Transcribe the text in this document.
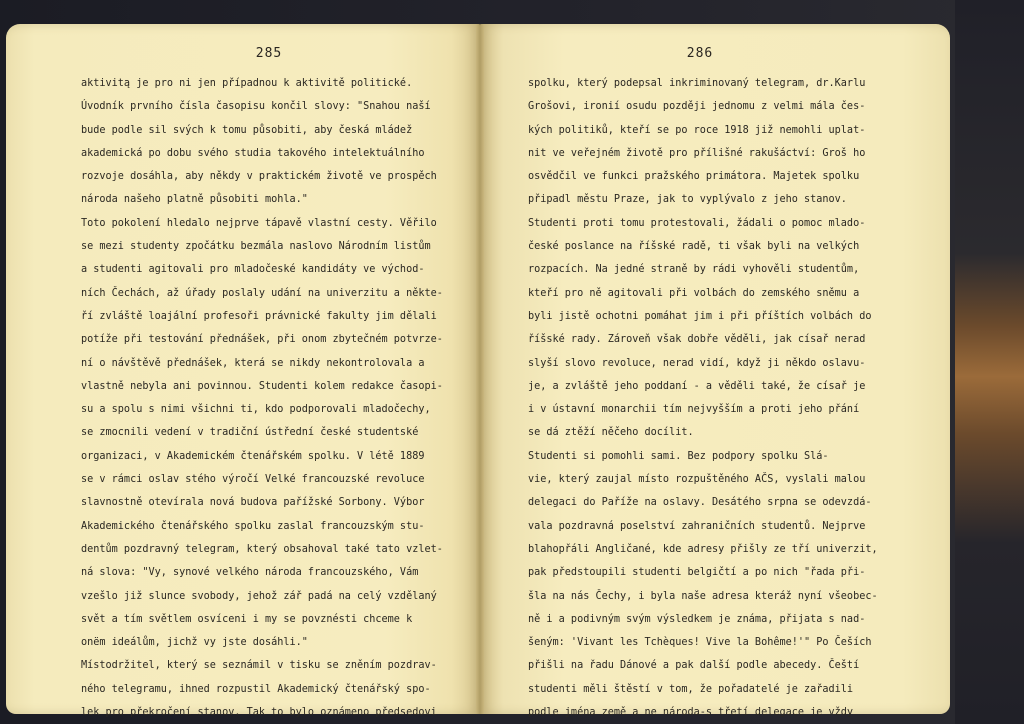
285
aktivitą je pro ni jen případnou k aktivitě politické.
Úvodník prvního čísla časopisu končil slovy: "Snahou naší
bude podle sil svých k tomu působiti, aby česká mládež
akademická po dobu svého studia takového intelektuálního
rozvoje dosáhla, aby někdy v praktickém životě ve prospěch
národa našeho platně působiti mohla."
Toto pokolení hledalo nejprve tápavě vlastní cesty. Věřilo
se mezi studenty zpočátku bezmála naslovo Národním listům
a studenti agitovali pro mladočeské kandidáty ve východ-
ních Čechách, až úřady poslaly udání na univerzitu a někte-
ří zvláště loajální profesoři právnické fakulty jim dělali
potíže při testování přednášek, při onom zbytečném potvrze-
ní o návštěvě přednášek, která se nikdy nekontrolovala a
vlastně nebyla ani povinnou. Studenti kolem redakce časopi-
su a spolu s nimi všichni ti, kdo podporovali mladočechy,
se zmocnili vedení v tradiční ústřední české studentské
organizaci, v Akademickém čtenářském spolku. V létě 1889
se v rámci oslav stého výročí Velké francouzské revoluce
slavnostně otevírala nová budova pařížské Sorbony. Výbor
Akademického čtenářského spolku zaslal francouzským stu-
dentům pozdravný telegram, který obsahoval také tato vzlet-
ná slova: "Vy, synové velkého národa francouzského, Vám
vzešlo již slunce svobody, jehož zář padá na celý vzdělaný
svět a tím světlem osvíceni i my se povznésti chceme k
onëm ideálům, jichž vy jste dosáhli."
Místodržitel, který se seznámil v tisku se zněním pozdrav-
ného telegramu, ihned rozpustil Akademický čtenářský spo-
lek pro překročení stanov. Tak to bylo oznámeno předsedovi
286
spolku, který podepsal inkriminovaný telegram, dr.Karlu
Grošovi, ironií osudu později jednomu z velmi mála čes-
kých politiků, kteří se po roce 1918 již nemohli uplat-
nit ve veřejném životě pro přílišné rakušáctví: Groš ho
osvědčil ve funkci pražského primátora. Majetek spolku
připadl městu Praze, jak to vyplývalo z jeho stanov.
Studenti proti tomu protestovali, žádali o pomoc mlado-
české poslance na říšské radě, ti však byli na velkých
rozpacích. Na jedné straně by rádi vyhověli studentům,
kteří pro ně agitovali při volbách do zemského sněmu a
byli jistě ochotni pomáhat jim i při příštích volbách do
říšské rady. Zároveň však dobře věděli, jak císař nerad
slyší slovo revoluce, nerad vidí, když ji někdo oslavu-
je, a zvláště jeho poddaní - a věděli také, že císař je
i v ústavní monarchii tím nejvyšším a proti jeho přání
se dá ztěží něčeho docílit.
Studenti si pomohli sami. Bez podpory spolku Slá-
vie, který zaujal místo rozpuštěného AČS, vyslali malou
delegaci do Paříže na oslavy. Desátého srpna se odevzdá-
vala pozdravná poselství zahraničních studentů. Nejprve
blahopřáli Angličané, kde adresy přišly ze tří univerzit,
pak předstoupili studenti belgičtí a po nich "řada při-
šla na nás Čechy, i byla naše adresa kteráž nyní všeobec-
ně i a podivným svým výsledkem je známa, přijata s nad-
šeným: 'Vivant les Tchèques! Vive la Bohême!'" Po Češích
přišli na řadu Dánové a pak další podle abecedy. Čeští
studenti měli štěstí v tom, že pořadatelé je zařadili
podle jména země a ne národa-s třetí delegace je vždy
